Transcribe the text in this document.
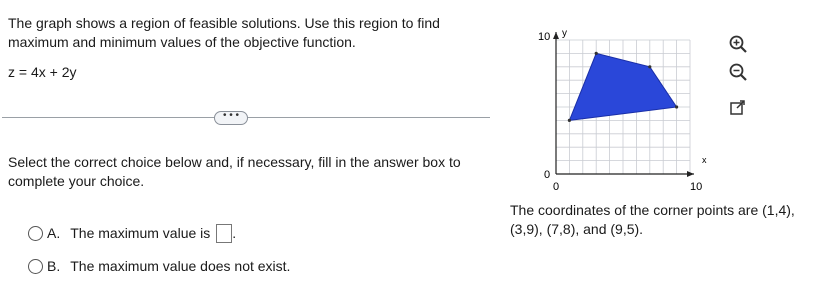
The graph shows a region of feasible solutions. Use this region to find maximum and minimum values of the objective function.
z = 4x + 2y
• • •
Select the correct choice below and, if necessary, fill in the answer box to complete your choice.
A. The maximum value is .
B. The maximum value does not exist.
y
x
10
0
0	10
The coordinates of the corner points are (1,4), (3,9), (7,8), and (9,5).
